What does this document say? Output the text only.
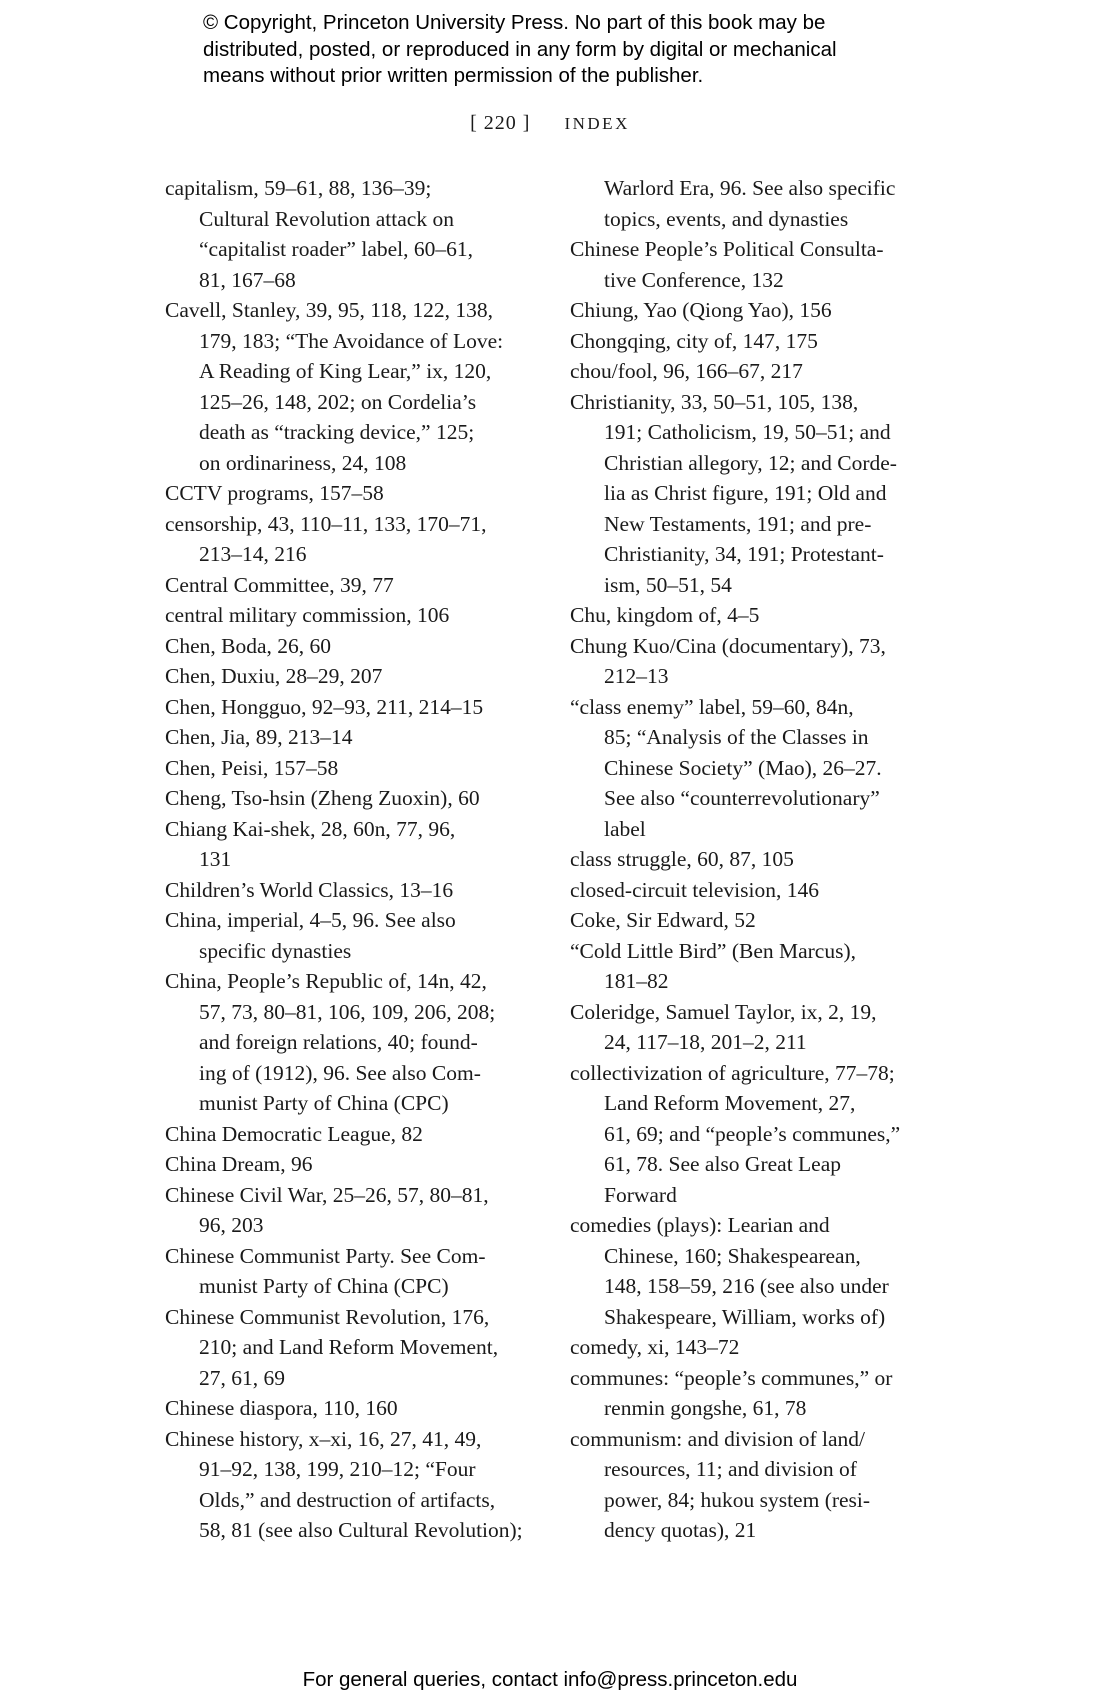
© Copyright, Princeton University Press. No part of this book may be
distributed, posted, or reproduced in any form by digital or mechanical
means without prior written permission of the publisher.
[ 220 ] INDEX
capitalism, 59–61, 88, 136–39;
Cultural Revolution attack on
“capitalist roader” label, 60–61,
81, 167–68
Cavell, Stanley, 39, 95, 118, 122, 138,
179, 183; “The Avoidance of Love:
A Reading of King Lear,” ix, 120,
125–26, 148, 202; on Cordelia’s
death as “tracking device,” 125;
on ordinariness, 24, 108
CCTV programs, 157–58
censorship, 43, 110–11, 133, 170–71,
213–14, 216
Central Committee, 39, 77
central military commission, 106
Chen, Boda, 26, 60
Chen, Duxiu, 28–29, 207
Chen, Hongguo, 92–93, 211, 214–15
Chen, Jia, 89, 213–14
Chen, Peisi, 157–58
Cheng, Tso-hsin (Zheng Zuoxin), 60
Chiang Kai-shek, 28, 60n, 77, 96,
131
Children’s World Classics, 13–16
China, imperial, 4–5, 96. See also
specific dynasties
China, People’s Republic of, 14n, 42,
57, 73, 80–81, 106, 109, 206, 208;
and foreign relations, 40; found-
ing of (1912), 96. See also Com-
munist Party of China (CPC)
China Democratic League, 82
China Dream, 96
Chinese Civil War, 25–26, 57, 80–81,
96, 203
Chinese Communist Party. See Com-
munist Party of China (CPC)
Chinese Communist Revolution, 176,
210; and Land Reform Movement,
27, 61, 69
Chinese diaspora, 110, 160
Chinese history, x–xi, 16, 27, 41, 49,
91–92, 138, 199, 210–12; “Four
Olds,” and destruction of artifacts,
58, 81 (see also Cultural Revolution);
Warlord Era, 96. See also specific
topics, events, and dynasties
Chinese People’s Political Consulta-
tive Conference, 132
Chiung, Yao (Qiong Yao), 156
Chongqing, city of, 147, 175
chou/fool, 96, 166–67, 217
Christianity, 33, 50–51, 105, 138,
191; Catholicism, 19, 50–51; and
Christian allegory, 12; and Corde-
lia as Christ figure, 191; Old and
New Testaments, 191; and pre-
Christianity, 34, 191; Protestant-
ism, 50–51, 54
Chu, kingdom of, 4–5
Chung Kuo/Cina (documentary), 73,
212–13
“class enemy” label, 59–60, 84n,
85; “Analysis of the Classes in
Chinese Society” (Mao), 26–27.
See also “counterrevolutionary”
label
class struggle, 60, 87, 105
closed-circuit television, 146
Coke, Sir Edward, 52
“Cold Little Bird” (Ben Marcus),
181–82
Coleridge, Samuel Taylor, ix, 2, 19,
24, 117–18, 201–2, 211
collectivization of agriculture, 77–78;
Land Reform Movement, 27,
61, 69; and “people’s communes,”
61, 78. See also Great Leap
Forward
comedies (plays): Learian and
Chinese, 160; Shakespearean,
148, 158–59, 216 (see also under
Shakespeare, William, works of)
comedy, xi, 143–72
communes: “people’s communes,” or
renmin gongshe, 61, 78
communism: and division of land/
resources, 11; and division of
power, 84; hukou system (resi-
dency quotas), 21
For general queries, contact info@press.princeton.edu
